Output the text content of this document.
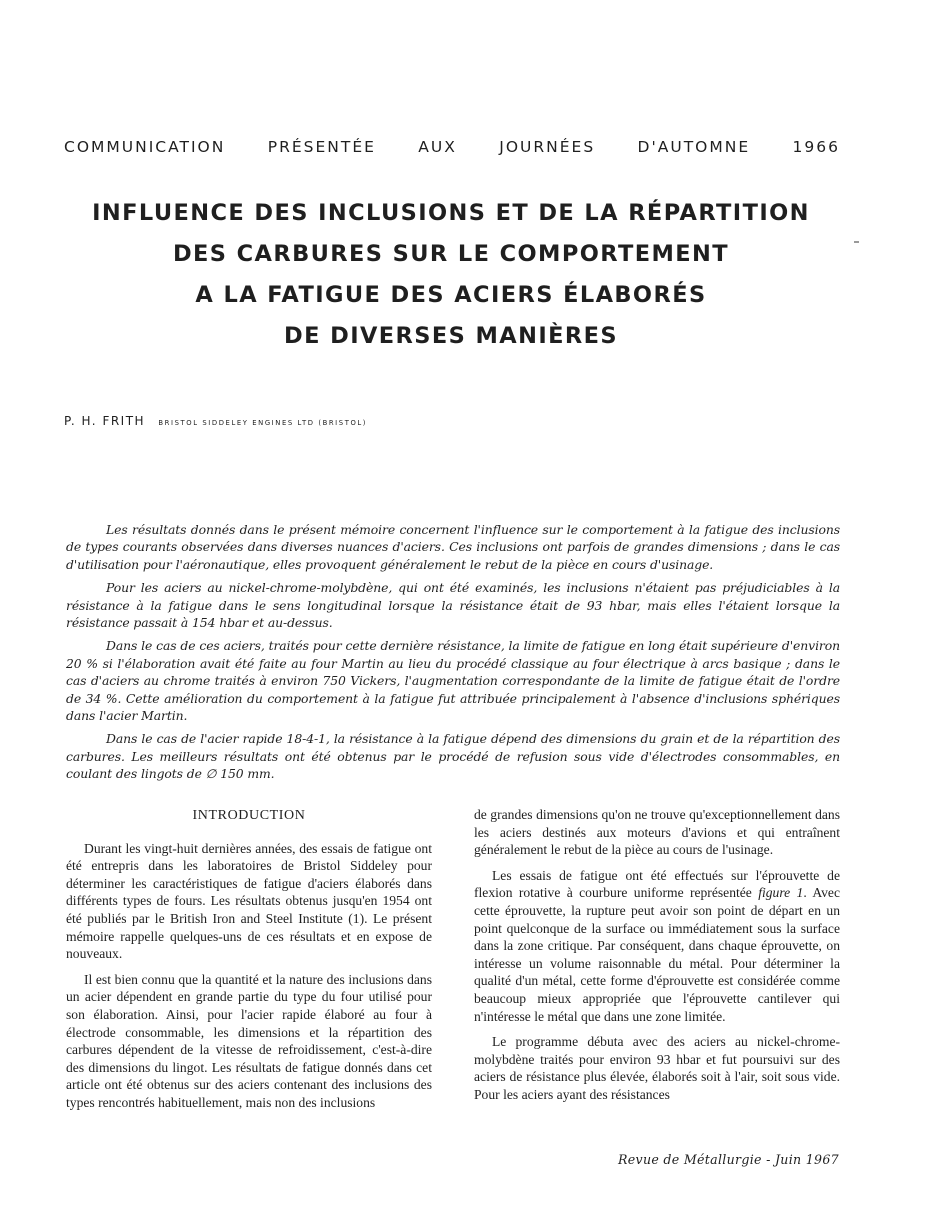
COMMUNICATION	PRÉSENTÉE	AUX	JOURNÉES	D'AUTOMNE	1966
INFLUENCE DES INCLUSIONS ET DE LA RÉPARTITION
DES CARBURES SUR LE COMPORTEMENT
A LA FATIGUE DES ACIERS ÉLABORÉS
DE DIVERSES MANIÈRES
P. H. FRITH BRISTOL SIDDELEY ENGINES LTD (BRISTOL)

Les résultats donnés dans le présent mémoire concernent l'influence sur le comportement à la fatigue des inclusions de types courants observées dans diverses nuances d'aciers. Ces inclusions ont parfois de grandes dimensions ; dans le cas d'utilisation pour l'aéronautique, elles provoquent généralement le rebut de la pièce en cours d'usinage.

Pour les aciers au nickel-chrome-molybdène, qui ont été examinés, les inclusions n'étaient pas préjudiciables à la résistance à la fatigue dans le sens longitudinal lorsque la résistance était de 93 hbar, mais elles l'étaient lorsque la résistance passait à 154 hbar et au-dessus.

Dans le cas de ces aciers, traités pour cette dernière résistance, la limite de fatigue en long était supérieure d'environ 20 % si l'élaboration avait été faite au four Martin au lieu du procédé classique au four électrique à arcs basique ; dans le cas d'aciers au chrome traités à environ 750 Vickers, l'augmentation correspondante de la limite de fatigue était de l'ordre de 34 %. Cette amélioration du comportement à la fatigue fut attribuée principalement à l'absence d'inclusions sphériques dans l'acier Martin.

Dans le cas de l'acier rapide 18-4-1, la résistance à la fatigue dépend des dimensions du grain et de la répartition des carbures. Les meilleurs résultats ont été obtenus par le procédé de refusion sous vide d'électrodes consommables, en coulant des lingots de ∅ 150 mm.

INTRODUCTION

Durant les vingt-huit dernières années, des essais de fatigue ont été entrepris dans les laboratoires de Bristol Siddeley pour déterminer les caractéristiques de fatigue d'aciers élaborés dans différents types de fours. Les résultats obtenus jusqu'en 1954 ont été publiés par le British Iron and Steel Institute (1). Le présent mémoire rappelle quelques-uns de ces résultats et en expose de nouveaux.

Il est bien connu que la quantité et la nature des inclusions dans un acier dépendent en grande partie du type du four utilisé pour son élaboration. Ainsi, pour l'acier rapide élaboré au four à électrode consommable, les dimensions et la répartition des carbures dépendent de la vitesse de refroidissement, c'est-à-dire des dimensions du lingot. Les résultats de fatigue donnés dans cet article ont été obtenus sur des aciers contenant des inclusions des types rencontrés habituellement, mais non des inclusions

de grandes dimensions qu'on ne trouve qu'exceptionnellement dans les aciers destinés aux moteurs d'avions et qui entraînent généralement le rebut de la pièce au cours de l'usinage.

Les essais de fatigue ont été effectués sur l'éprouvette de flexion rotative à courbure uniforme représentée figure 1. Avec cette éprouvette, la rupture peut avoir son point de départ en un point quelconque de la surface ou immédiatement sous la surface dans la zone critique. Par conséquent, dans chaque éprouvette, on intéresse un volume raisonnable du métal. Pour déterminer la qualité d'un métal, cette forme d'éprouvette est considérée comme beaucoup mieux appropriée que l'éprouvette cantilever qui n'intéresse le métal que dans une zone limitée.

Le programme débuta avec des aciers au nickel-chrome-molybdène traités pour environ 93 hbar et fut poursuivi sur des aciers de résistance plus élevée, élaborés soit à l'air, soit sous vide. Pour les aciers ayant des résistances

Revue de Métallurgie - Juin 1967
